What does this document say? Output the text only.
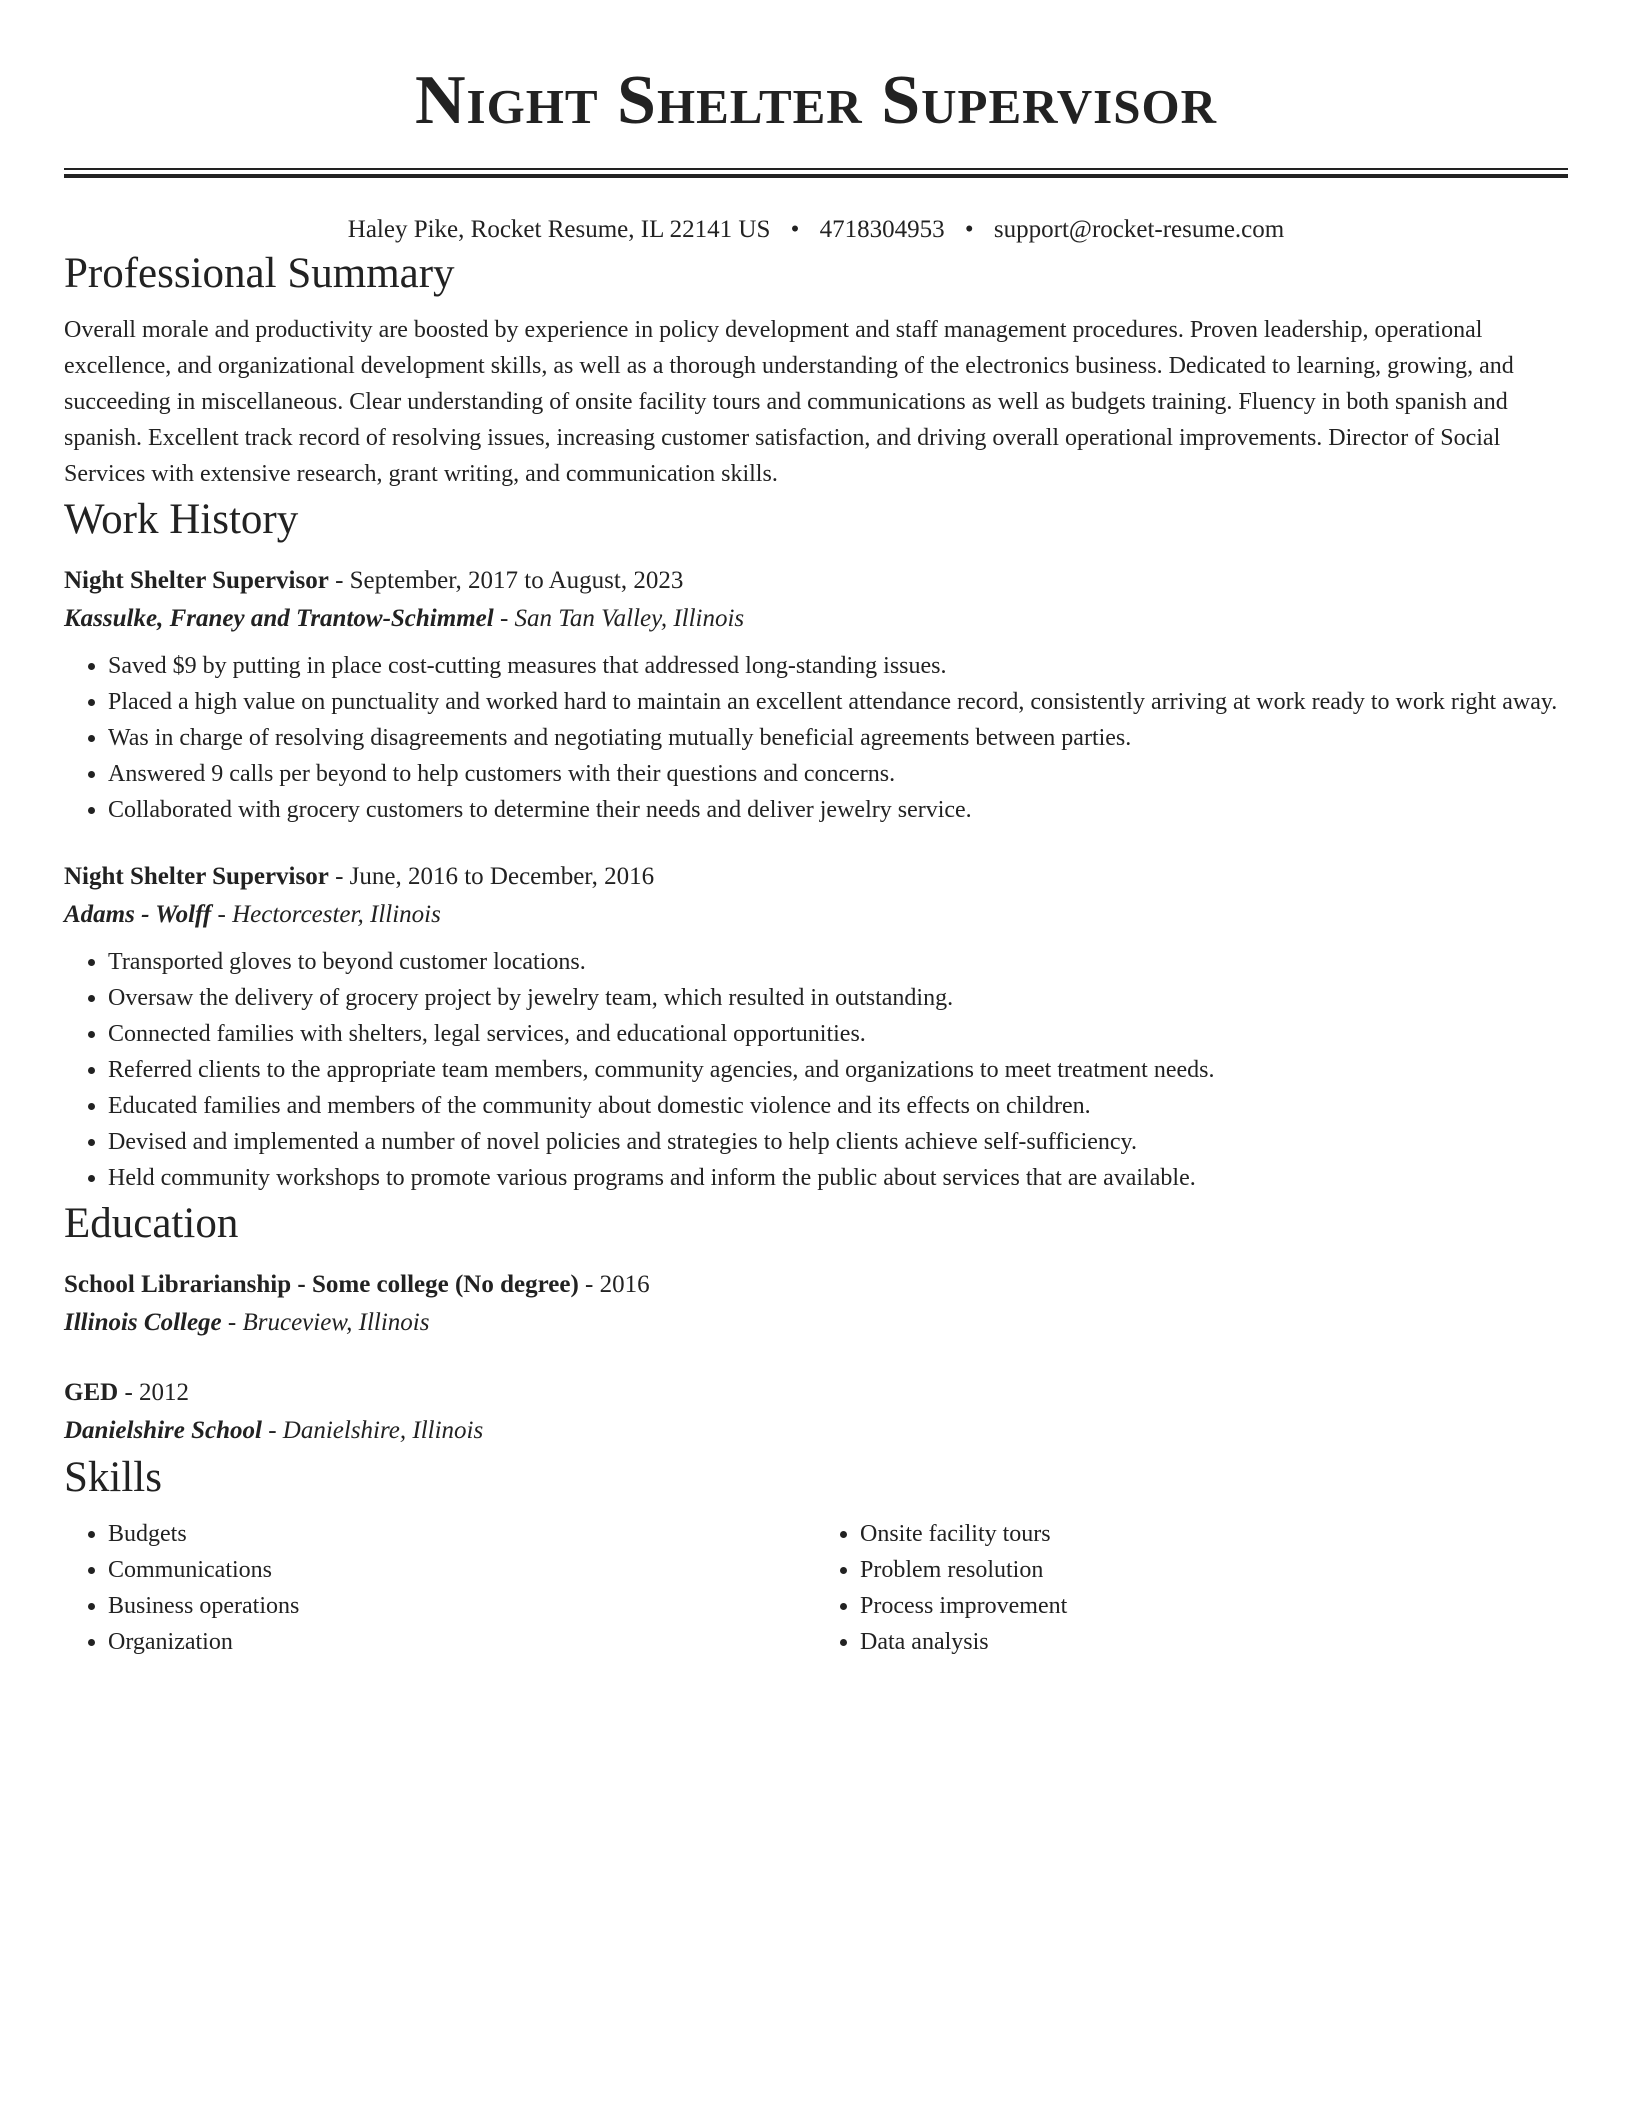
Night Shelter Supervisor
Haley Pike, Rocket Resume, IL 22141 US • 4718304953 • support@rocket-resume.com
Professional Summary
Overall morale and productivity are boosted by experience in policy development and staff management procedures. Proven leadership, operational excellence, and organizational development skills, as well as a thorough understanding of the electronics business. Dedicated to learning, growing, and succeeding in miscellaneous. Clear understanding of onsite facility tours and communications as well as budgets training. Fluency in both spanish and spanish. Excellent track record of resolving issues, increasing customer satisfaction, and driving overall operational improvements. Director of Social Services with extensive research, grant writing, and communication skills.
Work History
Night Shelter Supervisor - September, 2017 to August, 2023
Kassulke, Franey and Trantow-Schimmel - San Tan Valley, Illinois
• Saved $9 by putting in place cost-cutting measures that addressed long-standing issues.
• Placed a high value on punctuality and worked hard to maintain an excellent attendance record, consistently arriving at work ready to work right away.
• Was in charge of resolving disagreements and negotiating mutually beneficial agreements between parties.
• Answered 9 calls per beyond to help customers with their questions and concerns.
• Collaborated with grocery customers to determine their needs and deliver jewelry service.
Night Shelter Supervisor - June, 2016 to December, 2016
Adams - Wolff - Hectorcester, Illinois
• Transported gloves to beyond customer locations.
• Oversaw the delivery of grocery project by jewelry team, which resulted in outstanding.
• Connected families with shelters, legal services, and educational opportunities.
• Referred clients to the appropriate team members, community agencies, and organizations to meet treatment needs.
• Educated families and members of the community about domestic violence and its effects on children.
• Devised and implemented a number of novel policies and strategies to help clients achieve self-sufficiency.
• Held community workshops to promote various programs and inform the public about services that are available.
Education
School Librarianship - Some college (No degree) - 2016
Illinois College - Bruceview, Illinois
GED - 2012
Danielshire School - Danielshire, Illinois
Skills
• Budgets
• Communications
• Business operations
• Organization
• Onsite facility tours
• Problem resolution
• Process improvement
• Data analysis
